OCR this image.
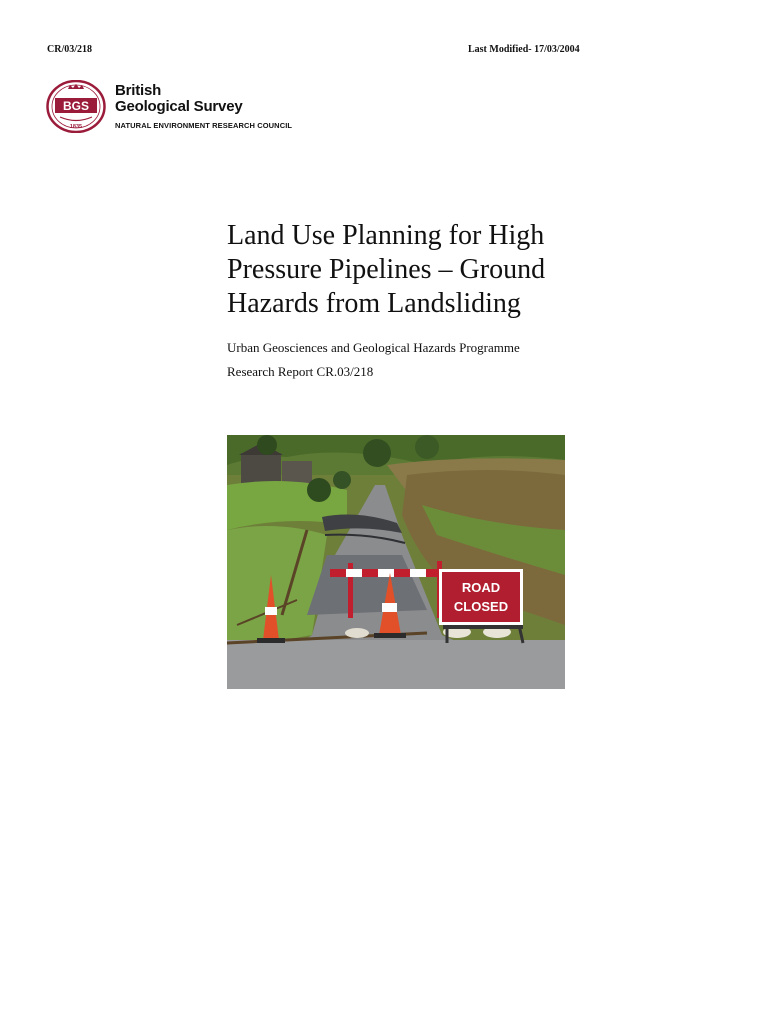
CR/03/218	Last Modified- 17/03/2004
BGS
1835
British
Geological Survey
NATURAL ENVIRONMENT RESEARCH COUNCIL
Land Use Planning for High
Pressure Pipelines – Ground
Hazards from Landsliding
Urban Geosciences and Geological Hazards Programme
Research Report CR.03/218
ROAD
CLOSED
